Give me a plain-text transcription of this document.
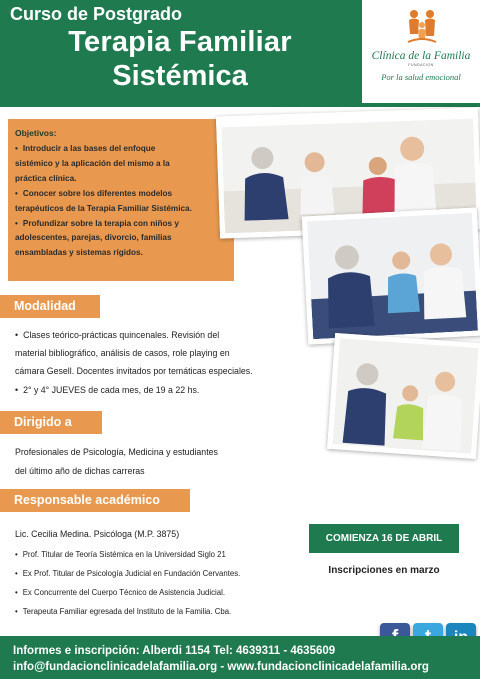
Curso de Postgrado
Terapia Familiar
Sistémica
Clínica de la Familia
FUNDACION
Por la salud emocional
Objetivos:
• Introducir a las bases del enfoque
sistémico y la aplicación del mismo a la
práctica clínica.
• Conocer sobre los diferentes modelos
terapéuticos de la Terapia Familiar Sistémica.
• Profundizar sobre la terapia con niños y
adolescentes, parejas, divorcio, familias
ensambladas y sistemas rígidos.
Modalidad
• Clases teórico-prácticas quincenales. Revisión del
material bibliográfico, análisis de casos, role playing en
cámara Gesell. Docentes invitados por temáticas especiales.
• 2° y 4° JUEVES de cada mes, de 19 a 22 hs.
Dirigido a
Profesionales de Psicología, Medicina y estudiantes
del último año de dichas carreras
Responsable académico
Lic. Cecilia Medina. Psicóloga (M.P. 3875)
• Prof. Titular de Teoría Sistémica en la Universidad Siglo 21
• Ex Prof. Titular de Psicología Judicial en Fundación Cervantes.
• Ex Concurrente del Cuerpo Técnico de Asistencia Judicial.
• Terapeuta Familiar egresada del Instituto de la Familia. Cba.
COMIENZA 16 DE ABRIL
Inscripciones en marzo
Informes e inscripción: Alberdi 1154 Tel: 4639311 - 4635609
info@fundacionclinicadelafamilia.org - www.fundacionclinicadelafamilia.org
